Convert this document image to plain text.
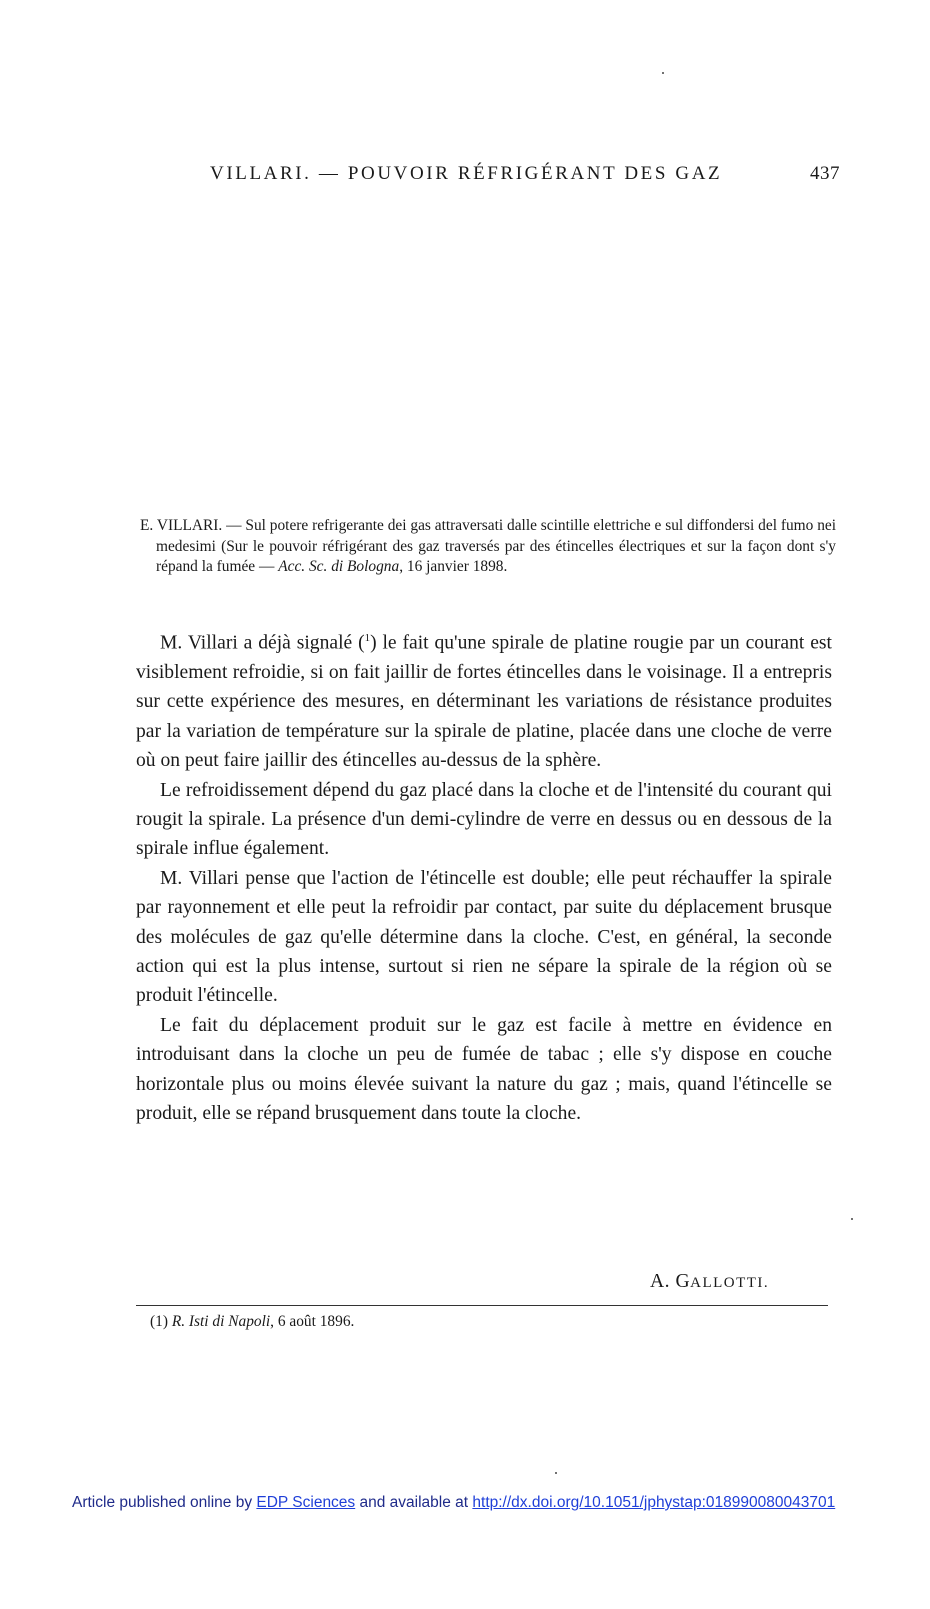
VILLARI. — POUVOIR RÉFRIGÉRANT DES GAZ	437
E. VILLARI. — Sul potere refrigerante dei gas attraversati dalle scintille elettriche e sul diffondersi del fumo nei medesimi (Sur le pouvoir réfrigérant des gaz traversés par des étincelles électriques et sur la façon dont s'y répand la fumée — Acc. Sc. di Bologna, 16 janvier 1898.

M. Villari a déjà signalé ($^1$) le fait qu'une spirale de platine rougie par un courant est visiblement refroidie, si on fait jaillir de fortes étincelles dans le voisinage. Il a entrepris sur cette expérience des mesures, en déterminant les variations de résistance produites par la variation de température sur la spirale de platine, placée dans une cloche de verre où on peut faire jaillir des étincelles au-dessus de la sphère.

Le refroidissement dépend du gaz placé dans la cloche et de l'intensité du courant qui rougit la spirale. La présence d'un demi-cylindre de verre en dessus ou en dessous de la spirale influe également.

M. Villari pense que l'action de l'étincelle est double; elle peut réchauffer la spirale par rayonnement et elle peut la refroidir par contact, par suite du déplacement brusque des molécules de gaz qu'elle détermine dans la cloche. C'est, en général, la seconde action qui est la plus intense, surtout si rien ne sépare la spirale de la région où se produit l'étincelle.

Le fait du déplacement produit sur le gaz est facile à mettre en évidence en introduisant dans la cloche un peu de fumée de tabac ; elle s'y dispose en couche horizontale plus ou moins élevée suivant la nature du gaz ; mais, quand l'étincelle se produit, elle se répand brusquement dans toute la cloche.

A. GALLOTTI.
(1) R. Isti di Napoli, 6 août 1896.
Article published online by EDP Sciences and available at http://dx.doi.org/10.1051/jphystap:018990080043701
